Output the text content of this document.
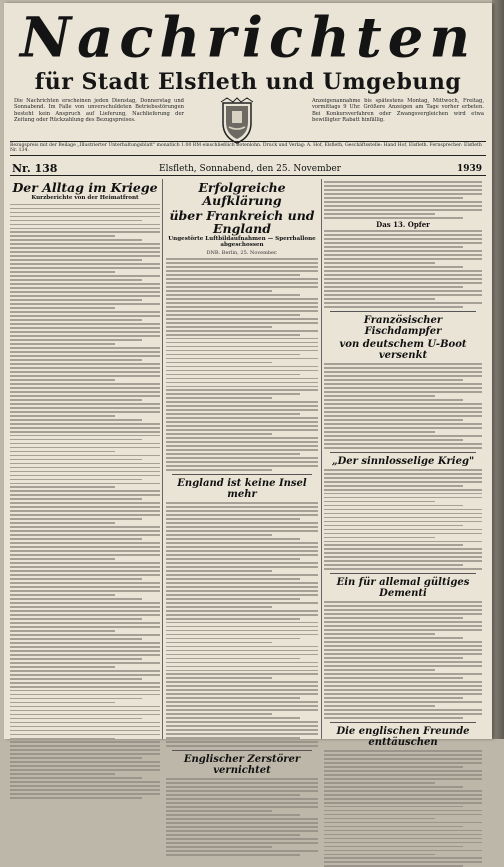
Nachrichten
für Stadt Elsfleth und Umgebung
Die Nachrichten erscheinen jeden Dienstag, Donnerstag und Sonnabend. Im Falle von unverschuldeten Betriebsstörungen besteht kein Anspruch auf Lieferung, Nachlieferung der Zeitung oder Rückzahlung des Bezugspreises.
Anzeigenannahme bis spätestens Montag, Mittwoch, Freitag, vormittags 9 Uhr. Größere Anzeigen am Tage vorher erbeten. Bei Konkursverfahren oder Zwangsvergleichen wird etwa bewilligter Rabatt hinfällig.
Bezugspreis mit der Beilage „Illustrierter Unterhaltungsblatt" monatlich 1.00 RM einschließlich Botenlohn. Druck und Verlag: A. Hof, Elsfleth, Geschäftsstelle: Hand Hof, Elsfleth. Fernsprecher: Elsfleth Nr. 134.
Nr. 138	Elsfleth, Sonnabend, den 25. November	1939
Der Alltag im Kriege
Kurzberichte von der Heimatfront
Erfolgreiche Aufklärung
über Frankreich und England
Ungestörte Luftbildaufnahmen — Sperrballone abgeschossen
DNB. Berlin, 25. November.
England ist keine Insel mehr
Englischer Zerstörer vernichtet
Das 13. Opfer
Französischer Fischdampfer
von deutschem U-Boot versenkt
„Der sinnlosselige Krieg"
Ein für allemal gültiges Dementi
Die englischen Freunde enttäuschen
